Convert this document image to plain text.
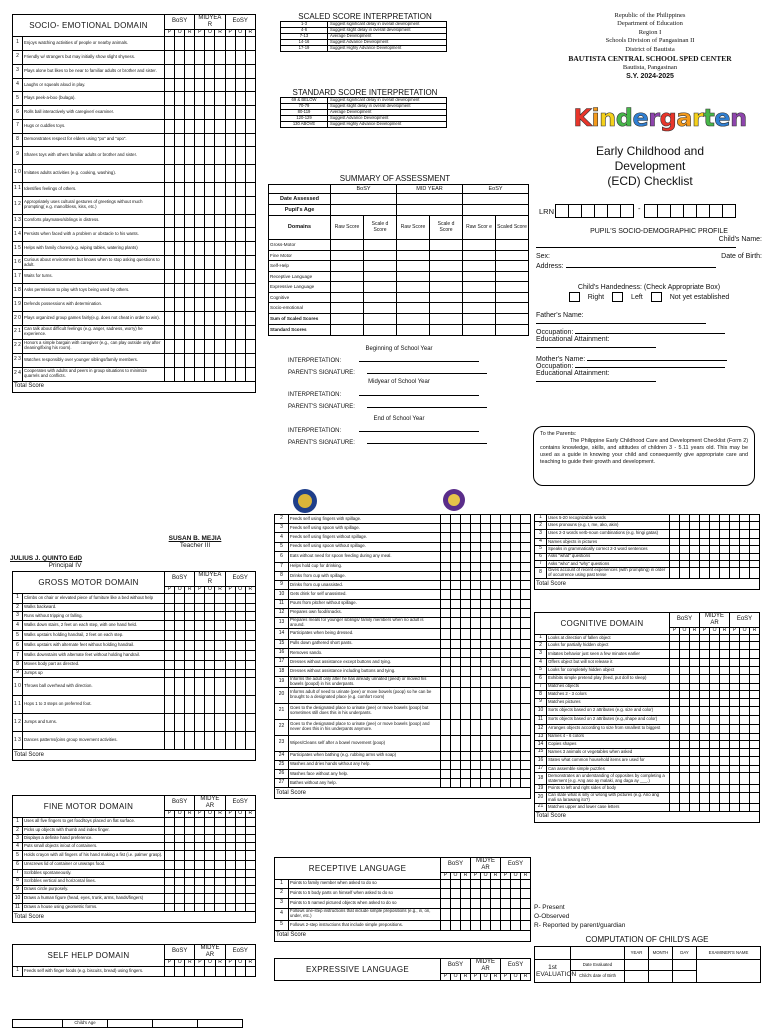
SOCIO- EMOTIONAL DOMAIN		BoSY			MIDYEA R			EoSY		
		P	O	R	P	O	R	P	O	R
1	Enjoys watching activities of people or nearby animals.									
2	Friendly w/ strangers but may initially show slight shyness.									
3	Plays alone but likes to be near to familiar adults or brother and sister.									
4	Laughs or squeals aloud in play.									
5	Plays peek-a-boo (bulaga).									
6	Rolls ball interactively with caregiver/ examiner.									
7	Hugs or cuddles toys.									
8	Demonstrates respect for elders using "po" and "opo".									
9	Shares toys with others familiar adults or brother and sister.									
1 0	Imitates adults activities (e.g. cooking, washing).									
1 1	Identifies feelings of others.									
1 2	Appropriately uses cultural gestures of greetings without much prompting( e.g. mano/bless, kiss, etc.)									
1 3	Comforts playmates/siblings in distress.									
1 4	Persists when faced with a problem or obstacle to his wants.									
1 5	Helps with family chores(e.g. wiping tables, watering plants)									
1 6	Curious about environment but knows when to stop asking questions to adult.									
1 7	Waits for turns.									
1 8	Asks permission to play with toys being used by others.									
1 9	Defends possessions with determination.									
2 0	Plays organized group games fairly(e.g. does not cheat in order to win).									
2 1	Can talk about difficult feelings (e.g. anger, sadness, worry) he experience.									
2 2	Honors a simple bargain with caregiver (e.g., can play outside only after cleaning/fixing his room).									
2 3	Watches responsibly over younger siblings/family members.									
2 4	Cooperates with adults and peers in group situations to minimize quarrels and conflicts.									
Total Score										
SCALED SCORE INTERPRETATION
1-3	Suggest significant delay in overall development
4-6	Suggest slight delay in overall development
7-13	Average Development
14-16	Suggest Advance Development
17-19	Suggest Highly Advance Development
STANDARD SCORE INTERPRETATION
69 & BELOW	Suggest significant delay in overall development
70-79	Suggest slight delay in overall development
80-119	Average Development
120-129	Suggest Advance Development
130 ABOVE	Suggest Highly Advance Development
SUMMARY OF ASSESSMENT
	BoSY		MID YEAR		EoSY	
Date Assessed						
Pupil's Age						
Domains	Raw Score	Scale d Score	Raw Score	Scale d Score	Raw Scor e	Scaled Score
Gross-Motor						
Fine Motor						
Self-Help						
Receptive Language						
Expressive Language						
Cognitive						
Socio-emotional						
Sum of Scaled Scores						
Standard Scores						
Beginning of School Year
INTERPRETATION:
PARENT'S SIGNATURE:
Midyear of School Year
INTERPRETATION:
PARENT'S SIGNATURE:
End of School Year
INTERPRETATION:
PARENT'S SIGNATURE:
Republic of the Philippines
Department of Education
Region I
Schools Division of Pangasinan II
District of Bautista
BAUTISTA CENTRAL SCHOOL SPED CENTER
Bautista, Pangasinan
S.Y. 2024-2025
Kindergarten
Early Childhood and
Development
(ECD) Checklist
LRN	-
PUPIL'S SOCIO-DEMOGRAPHIC PROFILE
Child's Name:
Sex:	Date of Birth:
Address:
Child's Handedness: (Check Appropriate Box)
Right	Left	Not yet established
Father's Name:
Occupation:
Educational Attainment:
Mother's Name:
Occupation:
Educational Attainment:
To the Parents:
The Philippine Early Childhood Care and Development Checklist (Form 2) contains knowledge, skills, and attitudes of children 3 - 5.11 years old. This may be used as a guide in knowing your child and consequently give appropriate care and teaching to guide their growth and development.
SUSAN B. MEJIA
Teacher III
JULIUS J. QUINTO EdD
Principal IV
GROSS MOTOR DOMAIN		BoSY			MIDYEA R			EoSY		
		P	O	R	P	O	R	P	O	R
1	Climbs on chair or elevated piece of furniture like a bed without help									
2	Walks backward.									
3	Runs without tripping or falling.									
4	Walks down stairs, 2 feet on each step, with one hand held.									
5	Walks upstairs holding handrail, 2 feet on each step.									
6	Walks upstairs with alternate feet without holding handrail.									
7	Walks downstairs with alternate feet without holding handrail.									
8	Moves body part as directed.									
9	Jumps up									
1 0	Throws ball overhead with direction.									
1 1	Hops 1 to 3 steps on preferred foot.									
1 2	Jumps and turns.									
1 3	Dances patterns/joins group movement activities.									
Total Score										
FINE MOTOR DOMAIN		BoSY			MIDYE AR			EoSY		
		P	O	R	P	O	R	P	O	R
1	Uses all five fingers to get food/toys placed on flat surface.									
2	Picks up objects with thumb and index finger.									
3	Displays a definite hand preference.									
4	Puts small objects in/out of containers.									
5	Holds crayon with all fingers of his hand making a fist (i.e. palmer grasp).									
6	Unscrews lid of container or unwraps food.									
7	Scribbles spontaneously.									
8	Scribbles vertical and horizontal lines.									
9	Draws circle purposely.									
10	Draws a human figure (head, eyes, trunk, arms, hands/fingers)									
11	Draws a house using geometric forms.									
Total Score										
SELF HELP DOMAIN		BoSY			MIDYE AR			EoSY		
		P	O	R	P	O	R	P	O	R
1	Feeds self with finger foods (e.g. biscuits, bread) using fingers.									
	Child's Age			
2	Feeds self using fingers with spillage.									
3	Feeds self using spoon with spillage.									
4	Feeds self using fingers without spillage.									
5	Feeds self using spoon without spillage.									
6	Eats without need for spoon feeding during any meal.									
7	Helps hold cup for drinking.									
8	Drinks from cup with spillage.									
9	Drinks from cup unassisted.									
10	Gets drink for self unassisted.									
11	Pours from pitcher without spillage.									
12	Prepares own food/snacks.									
13	Prepares meals for younger siblings/ family members when no adult is around.									
14	Participates when being dressed.									
15	Pulls down gathered short pants.									
16	Removes sando.									
17	Dresses without assistance except buttons and tying.									
18	Dresses without assistance including buttons and tying.									
19	Informs the adult only after he has already urinated (peed) or moved his bowels (poopd) in his underpants.									
20	Informs adult of need to urinate (pee) or move bowels (poop) so he can be brought to a designated place (e.g. comfort room)									
21	Goes to the designated place to urinate (pee) or move bowels (poop) but sometimes still does this in his underpants.									
22	Goes to the designated place to urinate (pee) or move bowels (poop) and never does this in his underpants anymore.									
23	Wipes/Cleans self after a bowel movement (poop)									
24	Participates when bathing (e.g. rubbing arms with soap)									
25	Washes and dries hands without any help.									
26	Washes face without any help.									
27	Bathes without any help.									
Total Score										
RECEPTIVE LANGUAGE		BoSY			MIDYE AR			EoSY		
		P	O	R	P	O	R	P	O	R
1	Points to family member when asked to do so									
2	Points to 5 body parts on himself when asked to do so									
3	Points to 5 named pictured objects when asked to do so									
4	Follows one-step instructions that include simple prepositions (e.g., in, on, under, etc.)									
5	Follows 2-step instructions that include simple prepositions.									
Total Score										
EXPRESSIVE LANGUAGE	BoSY			MIDYE AR			EoSY		
	P	O	R	P	O	R	P	O	R
1	Uses 5-20 recognizable words									
2	Uses pronouns (e.g. I, me, ako, akin)									
3	Uses 2-3 words verb-noun combinations (e.g. hingi gatas)									
4	Names objects in pictures									
5	Speaks in grammatically correct 2-3 word sentences									
6	Asks "what" questions									
7	Asks "who" and "why" questions									
8	Gives account of recent experiences (with prompting) in order of occurrence using past tense									
Total Score										
COGNITIVE DOMAIN		BoSY			MIDYE AR			EoSY		
		P	O	R	P	O	R	P	O	R
1	Looks at direction of fallen object									
2	Looks for partially hidden object									
3	Imitates behavior just seen a few minutes earlier									
4	Offers object but will not release it									
5	Looks for completely hidden object									
6	Exhibits simple pretend play (feed, put doll to sleep)									
7	Matches objects									
8	Matches 2 - 3 colors									
9	Matches pictures									
10	Sorts objects based on 2 attributes (e.g. size and color)									
11	Sorts objects based on 2 attributes (e.g.,shape and color)									
12	Arranges objects according to size from smallest to biggest									
13	Names 4 - 6 colors									
14	Copies shapes									
15	Names 3 animals or vegetables when asked									
16	States what common household items are used for									
17	Can assemble simple puzzles									
18	Demonstrates an understanding of opposites by completing a statement (e.g. Ang aso ay malaki, ang daga ay ___.)									
19	Points to left and right sides of body									
20	Can state what is silly or wrong with pictures (e.g. Ano ang mali sa larawang ito?)									
21	Matches upper and lower case letters									
Total Score										
P- Present
O-Observed
R- Reported by parent/guardian
COMPUTATION OF CHILD'S AGE
		YEAR	MONTH	DAY	EXAMINER'S NAME
1st EVALUATION	Date Evaluated				
	Child's date of Birth				
